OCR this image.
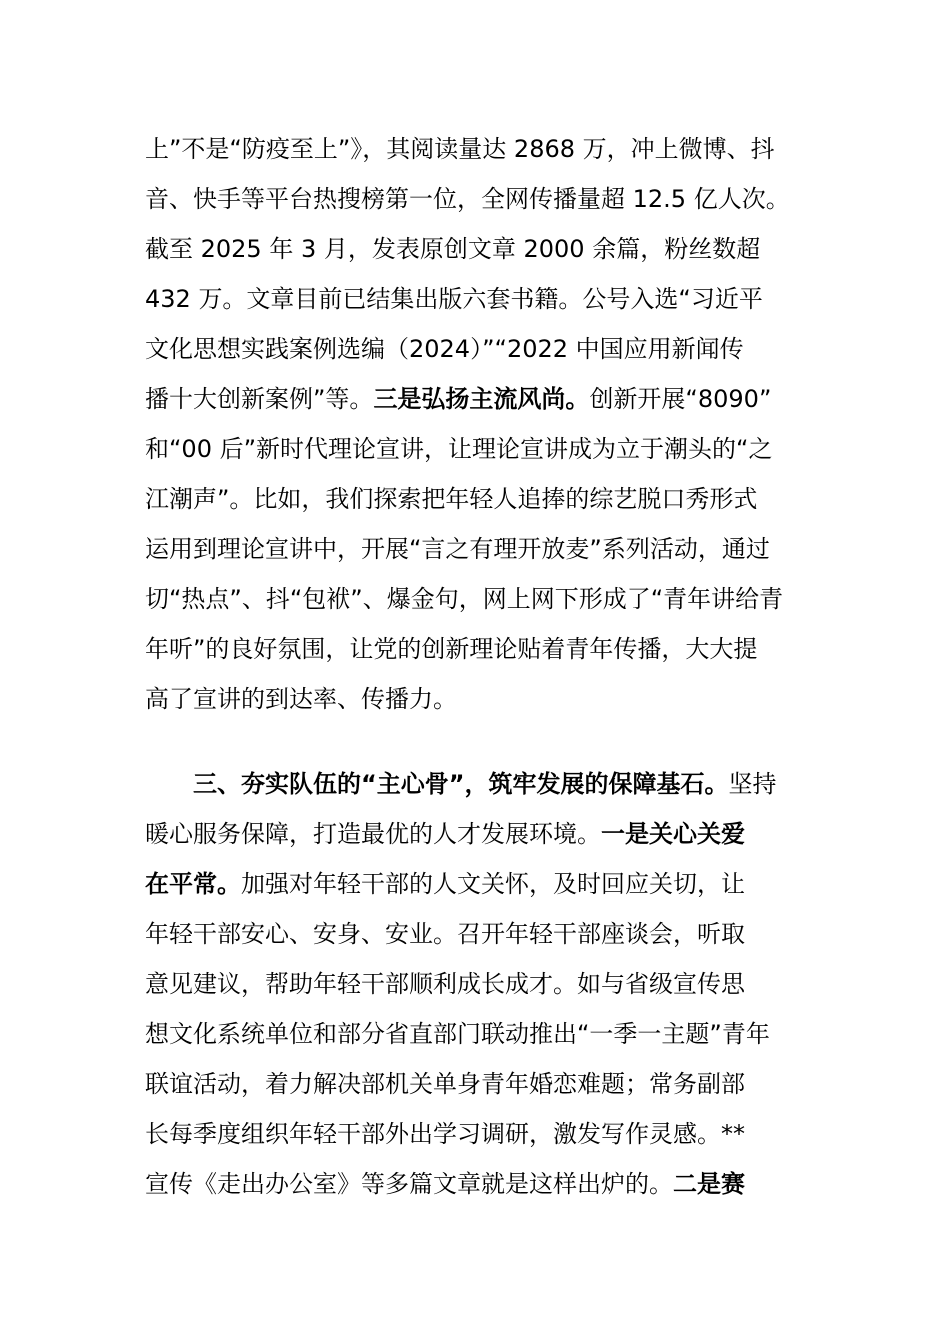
上”不是“防疫至上”》，其阅读量达 2868 万，冲上微博、抖
音、快手等平台热搜榜第一位，全网传播量超 12.5 亿人次。
截至 2025 年 3 月，发表原创文章 2000 余篇，粉丝数超
432 万。文章目前已结集出版六套书籍。公号入选“习近平
文化思想实践案例选编（2024）”“2022 中国应用新闻传
播十大创新案例”等。三是弘扬主流风尚。创新开展“8090”
和“00 后”新时代理论宣讲，让理论宣讲成为立于潮头的“之
江潮声”。比如，我们探索把年轻人追捧的综艺脱口秀形式
运用到理论宣讲中，开展“言之有理开放麦”系列活动，通过
切“热点”、抖“包袱”、爆金句，网上网下形成了“青年讲给青
年听”的良好氛围，让党的创新理论贴着青年传播，大大提
高了宣讲的到达率、传播力。
三、夯实队伍的“主心骨”，筑牢发展的保障基石。坚持
暖心服务保障，打造最优的人才发展环境。一是关心关爱
在平常。加强对年轻干部的人文关怀，及时回应关切，让
年轻干部安心、安身、安业。召开年轻干部座谈会，听取
意见建议，帮助年轻干部顺利成长成才。如与省级宣传思
想文化系统单位和部分省直部门联动推出“一季一主题”青年
联谊活动，着力解决部机关单身青年婚恋难题；常务副部
长每季度组织年轻干部外出学习调研，激发写作灵感。**
宣传《走出办公室》等多篇文章就是这样出炉的。二是赛
